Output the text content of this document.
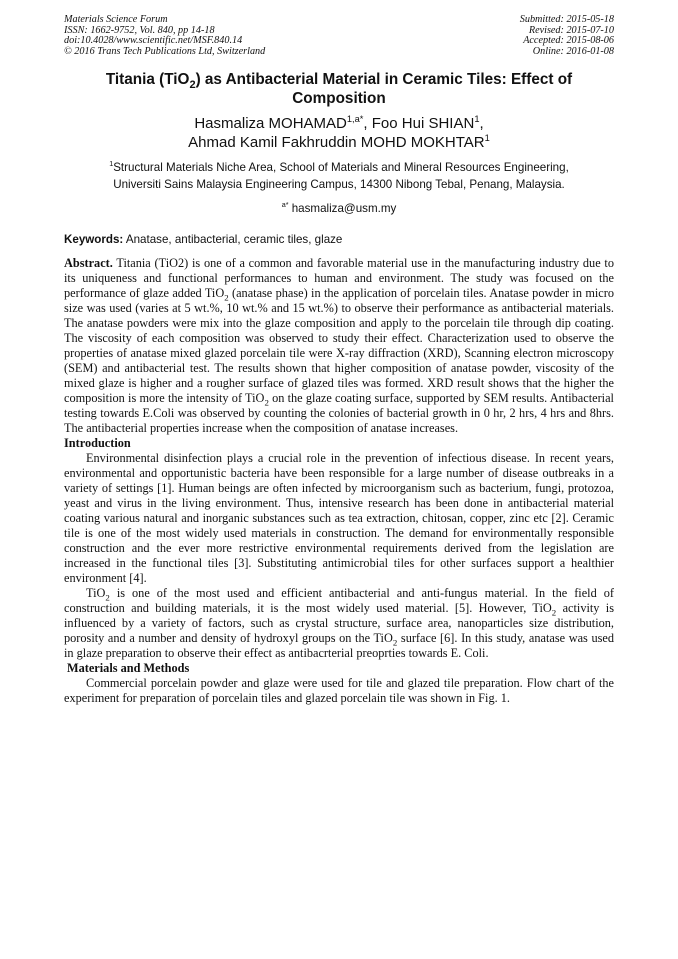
Materials Science Forum
ISSN: 1662-9752, Vol. 840, pp 14-18
doi:10.4028/www.scientific.net/MSF.840.14
© 2016 Trans Tech Publications Ltd, Switzerland
Submitted: 2015-05-18
Revised: 2015-07-10
Accepted: 2015-08-06
Online: 2016-01-08
Titania (TiO$_2$) as Antibacterial Material in Ceramic Tiles: Effect of Composition
Hasmaliza $MOHAMAD^{1,a*}$, Foo Hui SHIAN$^1$,
Ahmad Kamil Fakhruddin MOHD MOKHTAR$^1$
$^1$Structural Materials Niche Area, School of Materials and Mineral Resources Engineering,
Universiti Sains Malaysia Engineering Campus, 14300 Nibong Tebal, Penang, Malaysia.
$^{a*}$ hasmaliza@usm.my
Keywords: Anatase, antibacterial, ceramic tiles, glaze
Abstract. Titania (TiO2) is one of a common and favorable material use in the manufacturing industry due to its uniqueness and functional performances to human and environment. The study was focused on the performance of glaze added TiO$_2$ (anatase phase) in the application of porcelain tiles. Anatase powder in micro size was used (varies at 5 wt.%, 10 wt.% and 15 wt.%) to observe their performance as antibacterial materials. The anatase powders were mix into the glaze composition and apply to the porcelain tile through dip coating. The viscosity of each composition was observed to study their effect. Characterization used to observe the properties of anatase mixed glazed porcelain tile were X-ray diffraction (XRD), Scanning electron microscopy (SEM) and antibacterial test. The results shown that higher composition of anatase powder, viscosity of the mixed glaze is higher and a rougher surface of glazed tiles was formed. XRD result shows that the higher the composition is more the intensity of TiO$_2$ on the glaze coating surface, supported by SEM results. Antibacterial testing towards E.Coli was observed by counting the colonies of bacterial growth in 0 hr, 2 hrs, 4 hrs and 8hrs. The antibacterial properties increase when the composition of anatase increases.
Introduction

Environmental disinfection plays a crucial role in the prevention of infectious disease. In recent years, environmental and opportunistic bacteria have been responsible for a large number of disease outbreaks in a variety of settings [1]. Human beings are often infected by microorganism such as bacterium, fungi, protozoa, yeast and virus in the living environment. Thus, intensive research has been done in antibacterial material coating various natural and inorganic substances such as tea extraction, chitosan, copper, zinc etc [2]. Ceramic tile is one of the most widely used materials in construction. The demand for environmentally responsible construction and the ever more restrictive environmental requirements derived from the legislation are increased in the functional tiles [3]. Substituting antimicrobial tiles for other surfaces support a healthier environment [4].

TiO$_2$ is one of the most used and efficient antibacterial and anti-fungus material. In the field of construction and building materials, it is the most widely used material. [5]. However, TiO$_2$ activity is influenced by a variety of factors, such as crystal structure, surface area, nanoparticles size distribution, porosity and a number and density of hydroxyl groups on the TiO$_2$ surface [6]. In this study, anatase was used in glaze preparation to observe their effect as antibacrterial preoprties towards E. Coli.

Materials and Methods

Commercial porcelain powder and glaze were used for tile and glazed tile preparation. Flow chart of the experiment for preparation of porcelain tiles and glazed porcelain tile was shown in Fig. 1.
